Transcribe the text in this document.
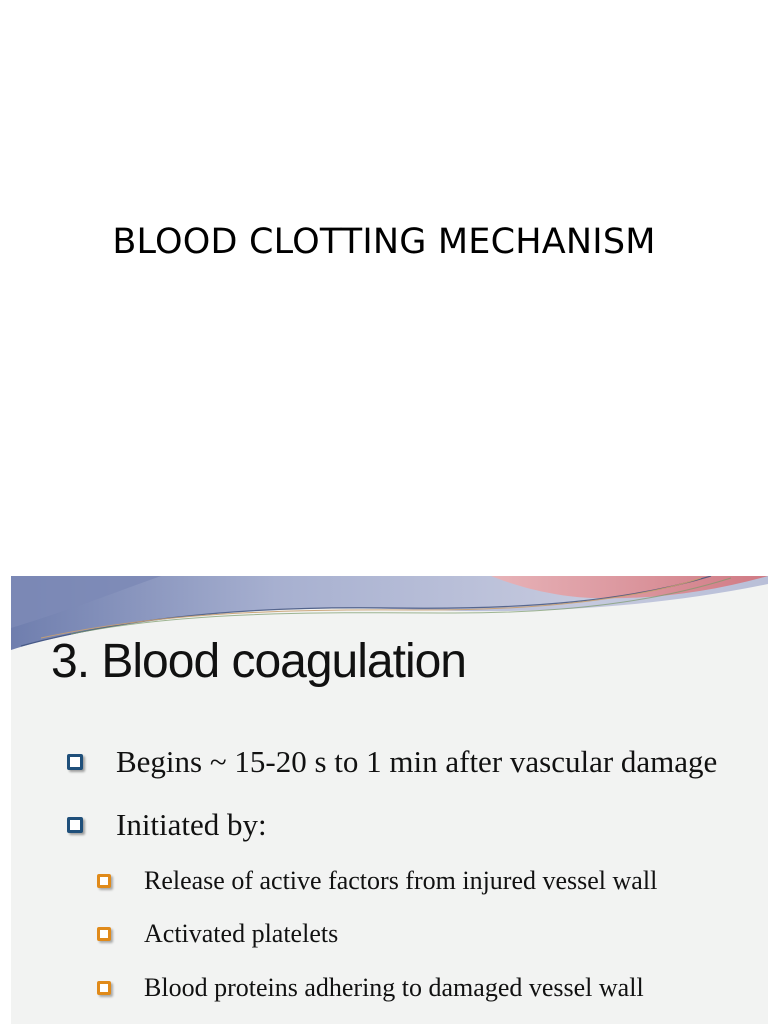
BLOOD CLOTTING MECHANISM
3. Blood coagulation
Begins ~ 15-20 s to 1 min after vascular damage
Initiated by:
Release of active factors from injured vessel wall
Activated platelets
Blood proteins adhering to damaged vessel wall
